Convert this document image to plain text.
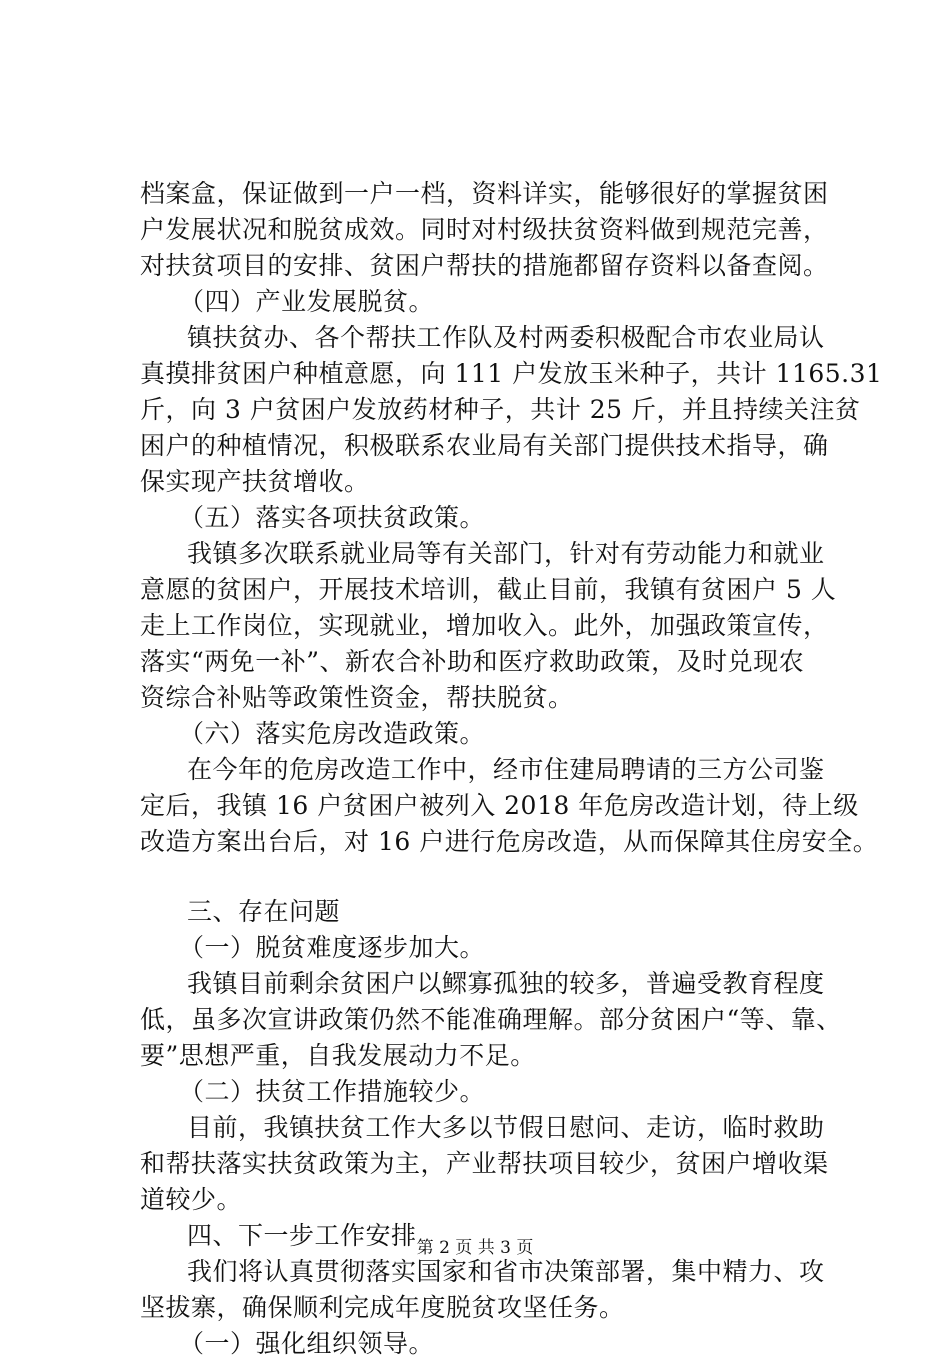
档案盒，保证做到一户一档，资料详实，能够很好的掌握贫困
户发展状况和脱贫成效。同时对村级扶贫资料做到规范完善，
对扶贫项目的安排、贫困户帮扶的措施都留存资料以备查阅。
（四）产业发展脱贫。
镇扶贫办、各个帮扶工作队及村两委积极配合市农业局认
真摸排贫困户种植意愿，向 111 户发放玉米种子，共计 1165.31
斤，向 3 户贫困户发放药材种子，共计 25 斤，并且持续关注贫
困户的种植情况，积极联系农业局有关部门提供技术指导，确
保实现产扶贫增收。
（五）落实各项扶贫政策。
我镇多次联系就业局等有关部门，针对有劳动能力和就业
意愿的贫困户，开展技术培训，截止目前，我镇有贫困户 5 人
走上工作岗位，实现就业，增加收入。此外，加强政策宣传，
落实“两免一补”、新农合补助和医疗救助政策，及时兑现农
资综合补贴等政策性资金，帮扶脱贫。
（六）落实危房改造政策。
在今年的危房改造工作中，经市住建局聘请的三方公司鉴
定后，我镇 16 户贫困户被列入 2018 年危房改造计划，待上级
改造方案出台后，对 16 户进行危房改造，从而保障其住房安全。
三、存在问题
（一）脱贫难度逐步加大。
我镇目前剩余贫困户以鳏寡孤独的较多，普遍受教育程度
低，虽多次宣讲政策仍然不能准确理解。部分贫困户“等、靠、
要”思想严重，自我发展动力不足。
（二）扶贫工作措施较少。
目前，我镇扶贫工作大多以节假日慰问、走访，临时救助
和帮扶落实扶贫政策为主，产业帮扶项目较少，贫困户增收渠
道较少。
四、下一步工作安排
我们将认真贯彻落实国家和省市决策部署，集中精力、攻
坚拔寨，确保顺利完成年度脱贫攻坚任务。
（一）强化组织领导。
第 2 页 共 3 页
